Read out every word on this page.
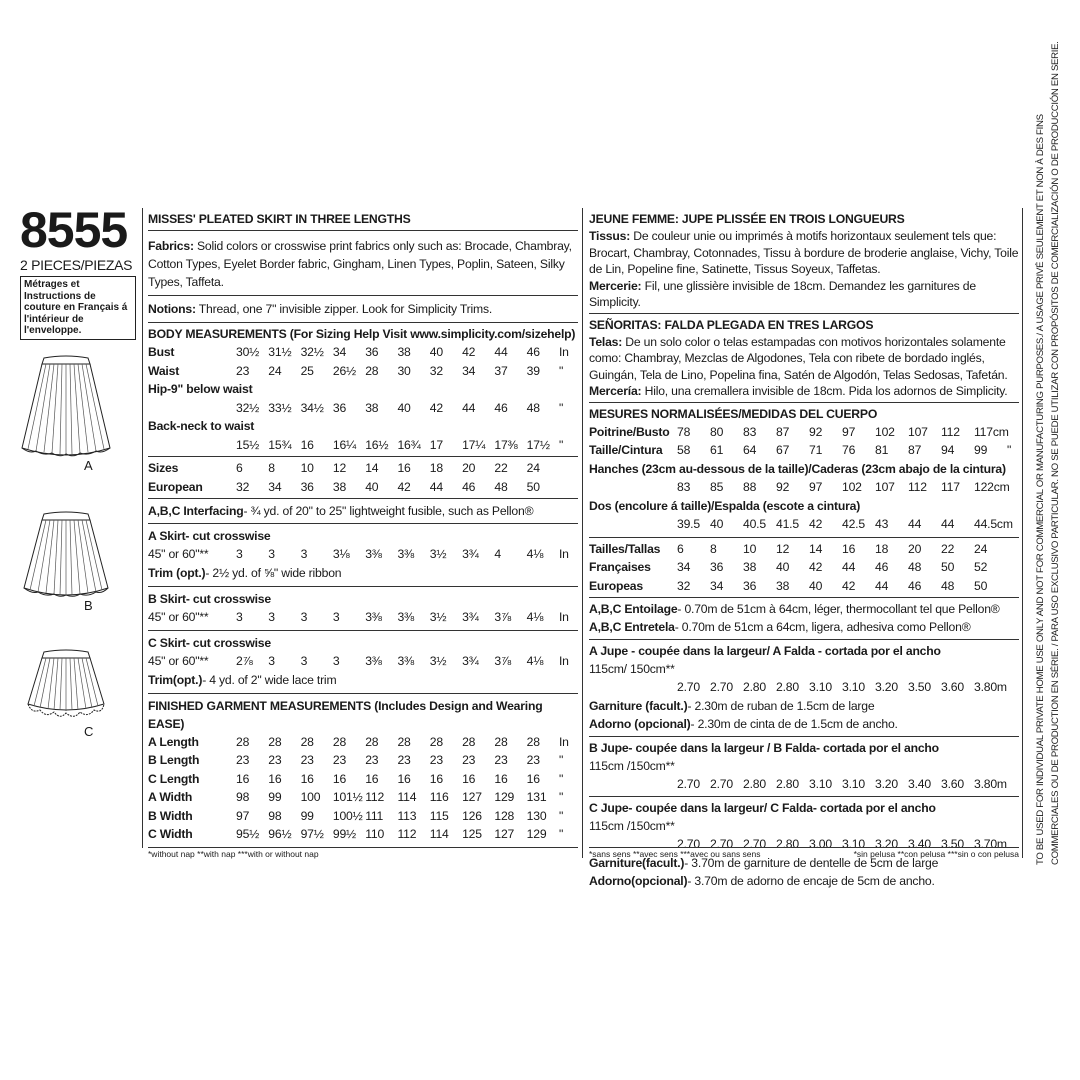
8555
2 PIECES/PIEZAS
Métrages et Instructions de couture en Français á l'intérieur de l'enveloppe.
A
B
C
MISSES' PLEATED SKIRT IN THREE LENGTHS
Fabrics: Solid colors or crosswise print fabrics only such as: Brocade, Chambray, Cotton Types, Eyelet Border fabric, Gingham, Linen Types, Poplin, Sateen, Silky Types, Taffeta.
Notions: Thread, one 7" invisible zipper. Look for Simplicity Trims.
BODY MEASUREMENTS (For Sizing Help Visit www.simplicity.com/sizehelp)
Bust	30½ 31½ 32½ 34	36	38	40	42	44	46	In
Waist	23	24	25	26½ 28	30	32	34	37	39	"
Hip-9" below waist
32½ 33½ 34½ 36	38	40	42	44	46	48	"
Back-neck to waist
15½ 15¾ 16	16¼ 16½ 16¾ 17	17¼ 17⅜ 17½ "
Sizes	6	8	10	12	14	16	18	20	22	24
European	32	34	36	38	40	42	44	46	48	50
A,B,C Interfacing- ¾ yd. of 20" to 25" lightweight fusible, such as Pellon®
A Skirt- cut crosswise
45" or 60"**	3	3	3	3⅛	3⅜	3⅜	3½	3¾	4	4⅛	In
Trim (opt.)- 2½ yd. of ⅝" wide ribbon
B Skirt- cut crosswise
45" or 60"**	3	3	3	3	3⅜	3⅜	3½	3¾	3⅞	4⅛	In
C Skirt- cut crosswise
45" or 60"**	2⅞	3	3	3	3⅜	3⅜	3½	3¾	3⅞	4⅛	In
Trim(opt.)- 4 yd. of 2" wide lace trim
FINISHED GARMENT MEASUREMENTS (Includes Design and Wearing EASE)
A Length	28	28	28	28	28	28	28	28	28	28	In
B Length	23	23	23	23	23	23	23	23	23	23	"
C Length	16	16	16	16	16	16	16	16	16	16	"
A Width	98	99	100	101½ 112	114	116	127	129	131	"
B Width	97	98	99	100½ 111	113	115	126	128	130	"
C Width	95½ 96½ 97½ 99½ 110	112	114	125	127	129	"
*without nap **with nap ***with or without nap
JEUNE FEMME: JUPE PLISSÉE EN TROIS LONGUEURS
Tissus: De couleur unie ou imprimés à motifs horizontaux seulement tels que: Brocart, Chambray, Cotonnades, Tissu à bordure de broderie anglaise, Vichy, Toile de Lin, Popeline fine, Satinette, Tissus Soyeux, Taffetas.
Mercerie: Fil, une glissière invisible de 18cm. Demandez les garnitures de Simplicity.
SEÑORITAS: FALDA PLEGADA EN TRES LARGOS
Telas: De un solo color o telas estampadas con motivos horizontales solamente como: Chambray, Mezclas de Algodones, Tela con ribete de bordado inglés, Guingán, Tela de Lino, Popelina fina, Satén de Algodón, Telas Sedosas, Tafetán.
Mercería: Hilo, una cremallera invisible de 18cm. Pida los adornos de Simplicity.
MESURES NORMALISÉES/MEDIDAS DEL CUERPO
Poitrine/Busto 78	80	83	87	92	97	102	107	112	117cm
Taille/Cintura	58	61	64	67	71	76	81	87	94	99	"
Hanches (23cm au-dessous de la taille)/Caderas (23cm abajo de la cintura)
83	85	88	92	97	102	107	112	117	122cm
Dos (encolure á taille)/Espalda (escote a cintura)
39.5 40	40.5 41.5 42	42.5 43	44	44	44.5cm
Tailles/Tallas	6	8	10	12	14	16	18	20	22	24
Françaises	34	36	38	40	42	44	46	48	50	52
Europeas	32	34	36	38	40	42	44	46	48	50
A,B,C Entoilage- 0.70m de 51cm à 64cm, léger, thermocollant tel que Pellon®
A,B,C Entretela- 0.70m de 51cm a 64cm, ligera, adhesiva como Pellon®
A Jupe - coupée dans la largeur/ A Falda - cortada por el ancho
115cm/ 150cm**
2.70 2.70 2.80 2.80 3.10 3.10 3.20 3.50 3.60 3.80m
Garniture (facult.)- 2.30m de ruban de 1.5cm de large
Adorno (opcional)- 2.30m de cinta de de 1.5cm de ancho.
B Jupe- coupée dans la largeur / B Falda- cortada por el ancho
115cm /150cm**
2.70 2.70 2.80 2.80 3.10 3.10 3.20 3.40 3.60 3.80m
C Jupe- coupée dans la largeur/ C Falda- cortada por el ancho
115cm /150cm**
2.70 2.70 2.70 2.80 3.00 3.10 3.20 3.40 3.50 3.70m
Garniture(facult.)- 3.70m de garniture de dentelle de 5cm de large
Adorno(opcional)- 3.70m de adorno de encaje de 5cm de ancho.
*sans sens **avec sens ***avec ou sans sens	*sin pelusa **con pelusa ***sin o con pelusa TO BE USED FOR INDIVIDUAL PRIVATE HOME USE ONLY AND NOT FOR COMMERCIAL OR MANUFACTURING PURPOSES./ A USAGE PRIVÉ SEULEMENT ET NON À DES FINS COMMERCIALES OU DE PRODUCTION EN SÉRIE. / PARA USO EXCLUSIVO PARTICULAR. NO SE PUEDE UTILIZAR CON PROPÓSITOS DE COMERCIALIZACIÓN O DE PRODUCCIÓN EN SERIE.
